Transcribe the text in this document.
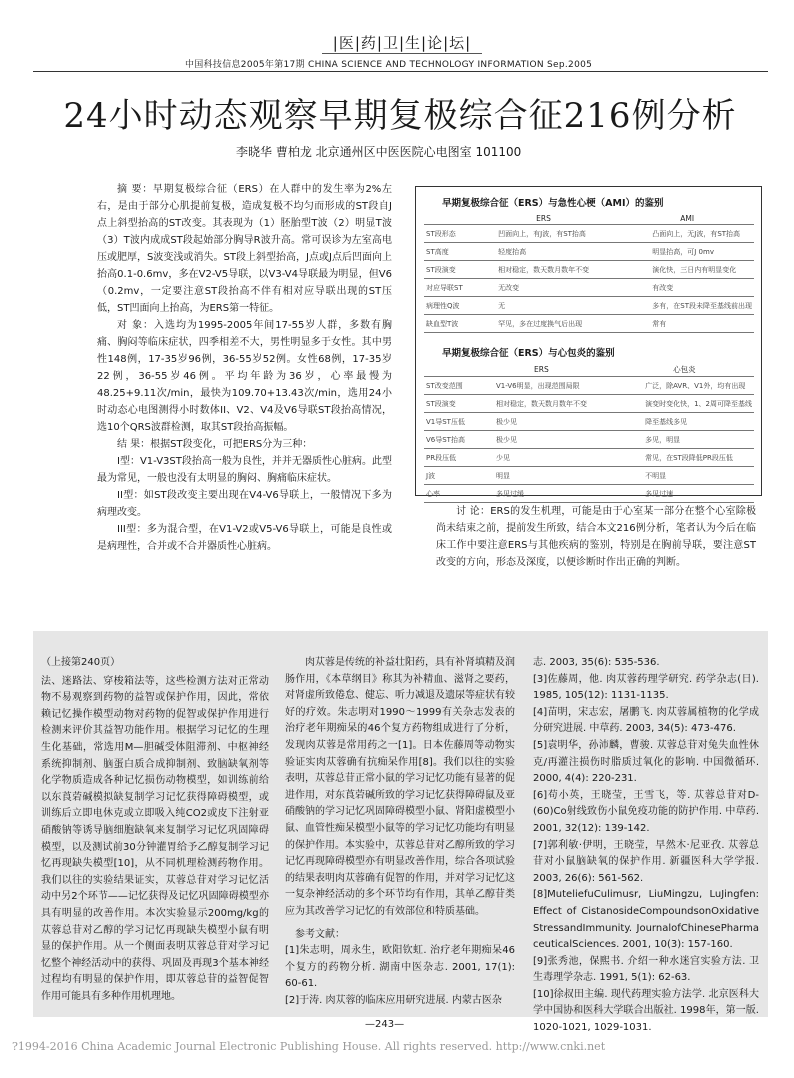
|医|药|卫|生|论|坛|
中国科技信息2005年第17期 CHINA SCIENCE AND TECHNOLOGY INFORMATION Sep.2005
24小时动态观察早期复极综合征216例分析
李晓华 曹柏龙 北京通州区中医医院心电图室 101100

摘 要：早期复极综合征（ERS）在人群中的发生率为2%左右，是由于部分心肌提前复极，造成复极不均匀而形成的ST段自J点上斜型抬高的ST改变。其表现为（1）胚胎型T波（2）明显T波（3）T波内成成ST段起始部分胸导R波升高。常可误诊为左室高电压或肥厚，S波变浅或消失。ST段上斜型抬高，J点或J点后凹面向上抬高0.1-0.6mv，多在V2-V5导联，以V3-V4导联最为明显，但V6（0.2mv，一定要注意ST段抬高不伴有相对应导联出现的ST压低，ST凹面向上抬高，为ERS第一特征。

对 象：入选均为1995-2005年间17-55岁人群，多数有胸痛、胸闷等临床症状，四季相差不大，男性明显多于女性。其中男性148例，17-35岁96例，36-55岁52例。女性68例，17-35岁22例，36-55岁46例。平均年龄为36岁，心率最慢为48.25+9.11次/min，最快为109.70+13.43次/min，选用24小时动态心电图测得小时数体II、V2、V4及V6导联ST段抬高情况，选10个QRS波群检测，取其ST段抬高振幅。

结 果：根据ST段变化，可把ERS分为三种：

I型：V1-V3ST段抬高一般为良性，并并无器质性心脏病。此型最为常见，一般也没有太明显的胸闷、胸痛临床症状。

II型：如ST段改变主要出现在V4-V6导联上，一般情况下多为病理改变。

III型：多为混合型，在V1-V2或V5-V6导联上，可能是良性或是病理性，合并或不合并器质性心脏病。

早期复极综合征（ERS）与急性心梗（AMI）的鉴别
	ERS	AMI
ST段形态	凹面向上，有J波，有ST抬高	凸面向上，无J波，有ST抬高
ST高度	轻度抬高	明显抬高，可J 0mv
ST段演变	相对稳定，数天数月数年不变	演化快，三日内有明显变化
对应导联ST	无改变	有改变
病理性Q波	无	多有，在ST段未降至基线前出现
缺血型T波	罕见，多在过度换气后出现	常有
早期复极综合征（ERS）与心包炎的鉴别
	ERS	心包炎
ST改变范围	V1-V6明显，出现范围局限	广泛，除AVR、V1外，均有出现
ST段演变	相对稳定，数天数月数年不变	演变时变化快，1、2周可降至基线
V1导ST压低	极少见	降至基线多见
V6导ST抬高	极少见	多见，明显
PR段压低	少见	常见，在ST段降低PR段压低
J波	明显	不明显
心率	多见过缓	多见过速

讨 论：ERS的发生机理，可能是由于心室某一部分在整个心室除极尚未结束之前，提前发生所致，结合本文216例分析，笔者认为今后在临床工作中要注意ERS与其他疾病的鉴别，特别是在胸前导联，要注意ST改变的方向，形态及深度，以便诊断时作出正确的判断。

（上接第240页）

法、迷路法、穿梭箱法等，这些检测方法对正常动物不易观察到药物的益智或保护作用，因此，常依赖记忆操作模型动物对药物的促智或保护作用进行检测来评价其益智功能作用。根据学习记忆的生理生化基础，常选用M—胆碱受体阻滞剂、中枢神经系统抑制剂、脑蛋白质合成抑制剂、致脑缺氧剂等化学物质造成各种记忆损伤动物模型，如训练前给以东莨菪碱模拟缺复制学习记忆获得障碍模型，或训练后立即电休克或立即吸入纯CO2或皮下注射亚硝酸钠等诱导脑细胞缺氧来复制学习记忆巩固障碍模型，以及测试前30分钟灌胃给予乙醇复制学习记忆再现缺失模型[10]，从不同机理检测药物作用。我们以往的实验结果证实，苁蓉总苷对学习记忆活动中另2个环节——记忆获得及记忆巩固障碍模型亦具有明显的改善作用。本次实验显示200mg/kg的苁蓉总苷对乙醇的学习记忆再现缺失模型小鼠有明显的保护作用。从一个侧面表明苁蓉总苷对学习记忆整个神经活动中的获得、巩固及再现3个基本神经过程均有明显的保护作用，即苁蓉总苷的益智促智作用可能具有多种作用机理地。

肉苁蓉是传统的补益壮阳药，具有补肾填精及润肠作用，《本草纲目》称其为补精血、滋肾之要药，对肾虚所致倦怠、健忘、听力减退及遗尿等症状有较好的疗效。朱志明对1990～1999有关杂志发表的治疗老年期痴呆的46个复方药物组成进行了分析，发现肉苁蓉是常用药之一[1]。日本佐藤周等动物实验证实肉苁蓉确有抗痴呆作用[8]。我们以往的实验表明，苁蓉总苷正常小鼠的学习记忆功能有显著的促进作用，对东莨菪碱所致的学习记忆获得障碍鼠及亚硝酸钠的学习记忆巩固障碍模型小鼠、肾阳虚模型小鼠、血管性痴呆模型小鼠等的学习记忆功能均有明显的保护作用。本实验中，苁蓉总苷对乙醇所致的学习记忆再现障碍模型亦有明显改善作用，综合各项试验的结果表明肉苁蓉确有促智的作用，并对学习记忆这一复杂神经活动的多个环节均有作用，其单乙醇苷类应为其改善学习记忆的有效部位和特质基础。

参考文献：

[1]朱志明，周永生，欧阳钦虹. 治疗老年期痴呆46个复方的药物分析. 湖南中医杂志. 2001, 17(1): 60-61.

[2]于涛. 肉苁蓉的临床应用研究进展. 内蒙古医杂

志. 2003, 35(6): 535-536.

[3]佐藤周，他. 肉苁蓉药理学研究. 药学杂志(日). 1985, 105(12): 1131-1135.

[4]苗明，宋志宏，屠鹏飞. 肉苁蓉属植物的化学成分研究进展. 中草药. 2003, 34(5): 473-476.

[5]袁明华，孙沛麟，曹骏. 苁蓉总苷对兔失血性休克/再灌注损伤时脂质过氧化的影响. 中国微循环. 2000, 4(4): 220-231.

[6]苟小英，王晓莹，王雪飞，等. 苁蓉总苷对D-(60)Co射线致伤小鼠免疫功能的防护作用. 中草药. 2001, 32(12): 139-142.

[7]郭利敏·伊明，王晓莹，早然木·尼亚孜. 苁蓉总苷对小鼠脑缺氧的保护作用. 新疆医科大学学报. 2003, 26(6): 561-562.

[8]MuteliefuCulimusr, LiuMingzu, LuJingfen: Effect of CistanosideCompoundsonOxidativeStressandImmunity. JournalofChinesePharmaceuticalSciences. 2001, 10(3): 157-160.

[9]张秀池，保熙书. 介绍一种水迷宫实验方法. 卫生毒理学杂志. 1991, 5(1): 62-63.

[10]徐叔田主编. 现代药理实验方法学. 北京医科大学中国协和医科大学联合出版社. 1998年，第一版. 1020-1021, 1029-1031.

—243—
?1994-2016 China Academic Journal Electronic Publishing House. All rights reserved. http://www.cnki.net
